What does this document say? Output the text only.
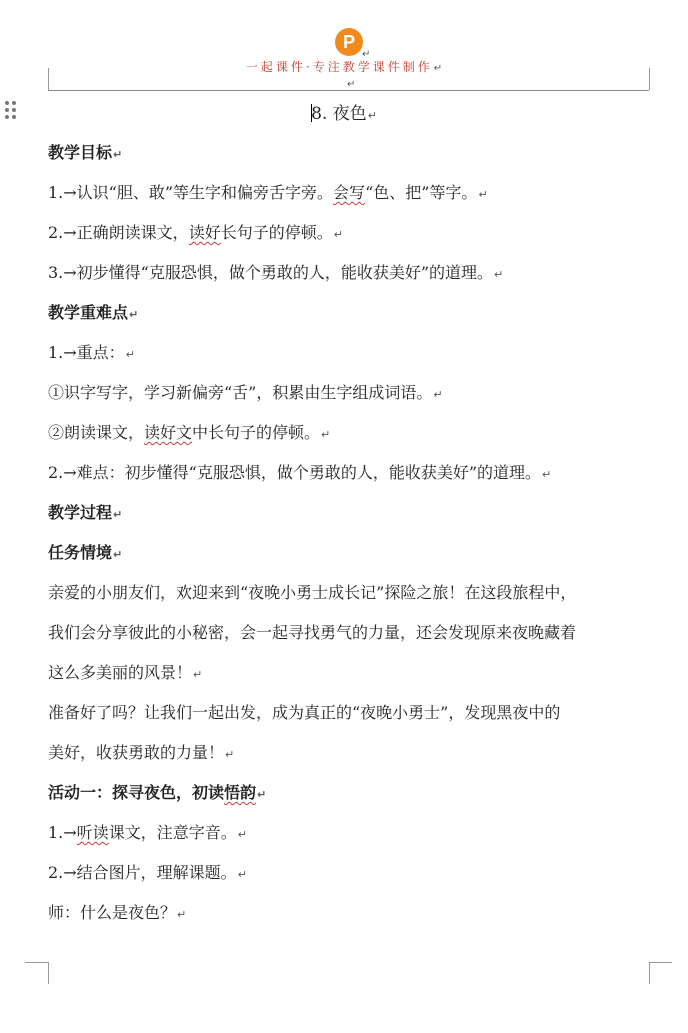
P
↵
一起课件·专注教学课件制作↵
↵
8. 夜色↵
教学目标↵
1.→认识“胆、敢”等生字和偏旁舌字旁。会写“色、把”等字。↵
2.→正确朗读课文，读好长句子的停顿。↵
3.→初步懂得“克服恐惧，做个勇敢的人，能收获美好”的道理。↵
教学重难点↵
1.→重点：↵
①识字写字，学习新偏旁“舌”，积累由生字组成词语。↵
②朗读课文，读好文中长句子的停顿。↵
2.→难点：初步懂得“克服恐惧，做个勇敢的人，能收获美好”的道理。↵
教学过程↵
任务情境↵
亲爱的小朋友们，欢迎来到“夜晚小勇士成长记”探险之旅！在这段旅程中，
我们会分享彼此的小秘密，会一起寻找勇气的力量，还会发现原来夜晚藏着
这么多美丽的风景！↵
准备好了吗？让我们一起出发，成为真正的“夜晚小勇士”，发现黑夜中的
美好，收获勇敢的力量！↵
活动一：探寻夜色，初读悟韵↵
1.→听读课文，注意字音。↵
2.→结合图片，理解课题。↵
师：什么是夜色？↵
